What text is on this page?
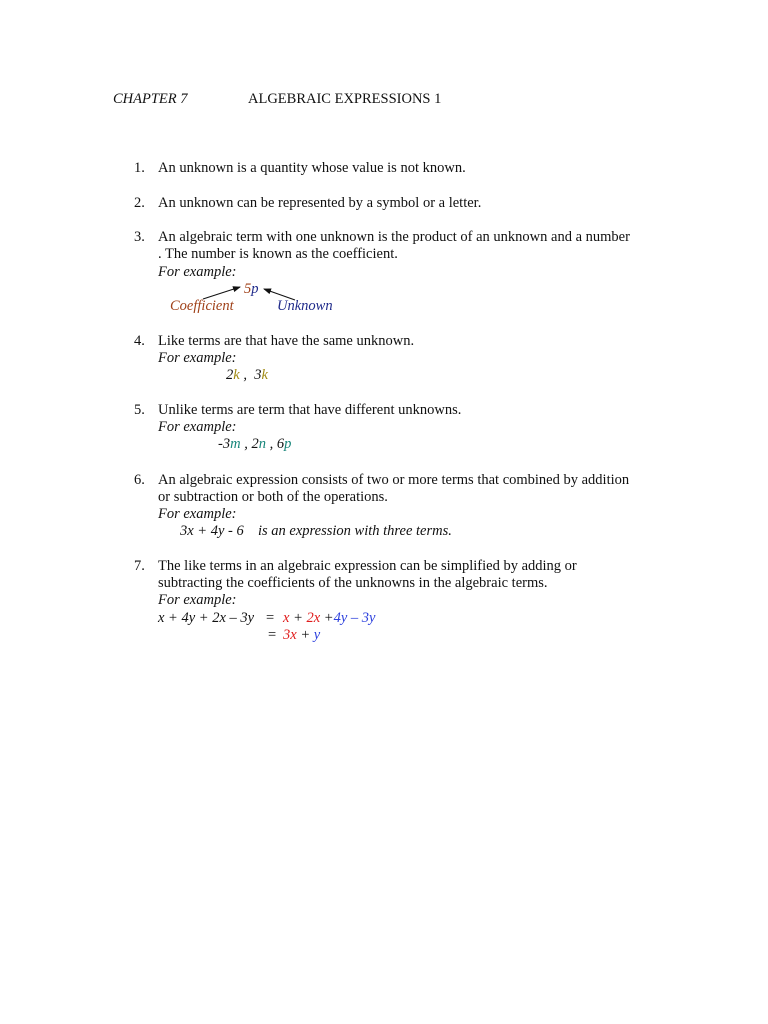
CHAPTER 7	ALGEBRAIC EXPRESSIONS 1
1. An unknown is a quantity whose value is not known.
2. An unknown can be represented by a symbol or a letter.
3. An algebraic term with one unknown is the product of an unknown and a number
. The number is known as the coefficient.
For example:
5p
Coefficient	Unknown
4. Like terms are that have the same unknown.
For example:
2k ,  3k
5. Unlike terms are term that have different unknowns.
For example:
-3m , 2n , 6p
6. An algebraic expression consists of two or more terms that combined by addition
or subtraction or both of the operations.
For example:
3x + 4y - 6 is an expression with three terms.
7. The like terms in an algebraic expression can be simplified by adding or
subtracting the coefficients of the unknowns in the algebraic terms.
For example:
x + 4y + 2x – 3y = x + 2x +4y – 3y
= 3x + y
